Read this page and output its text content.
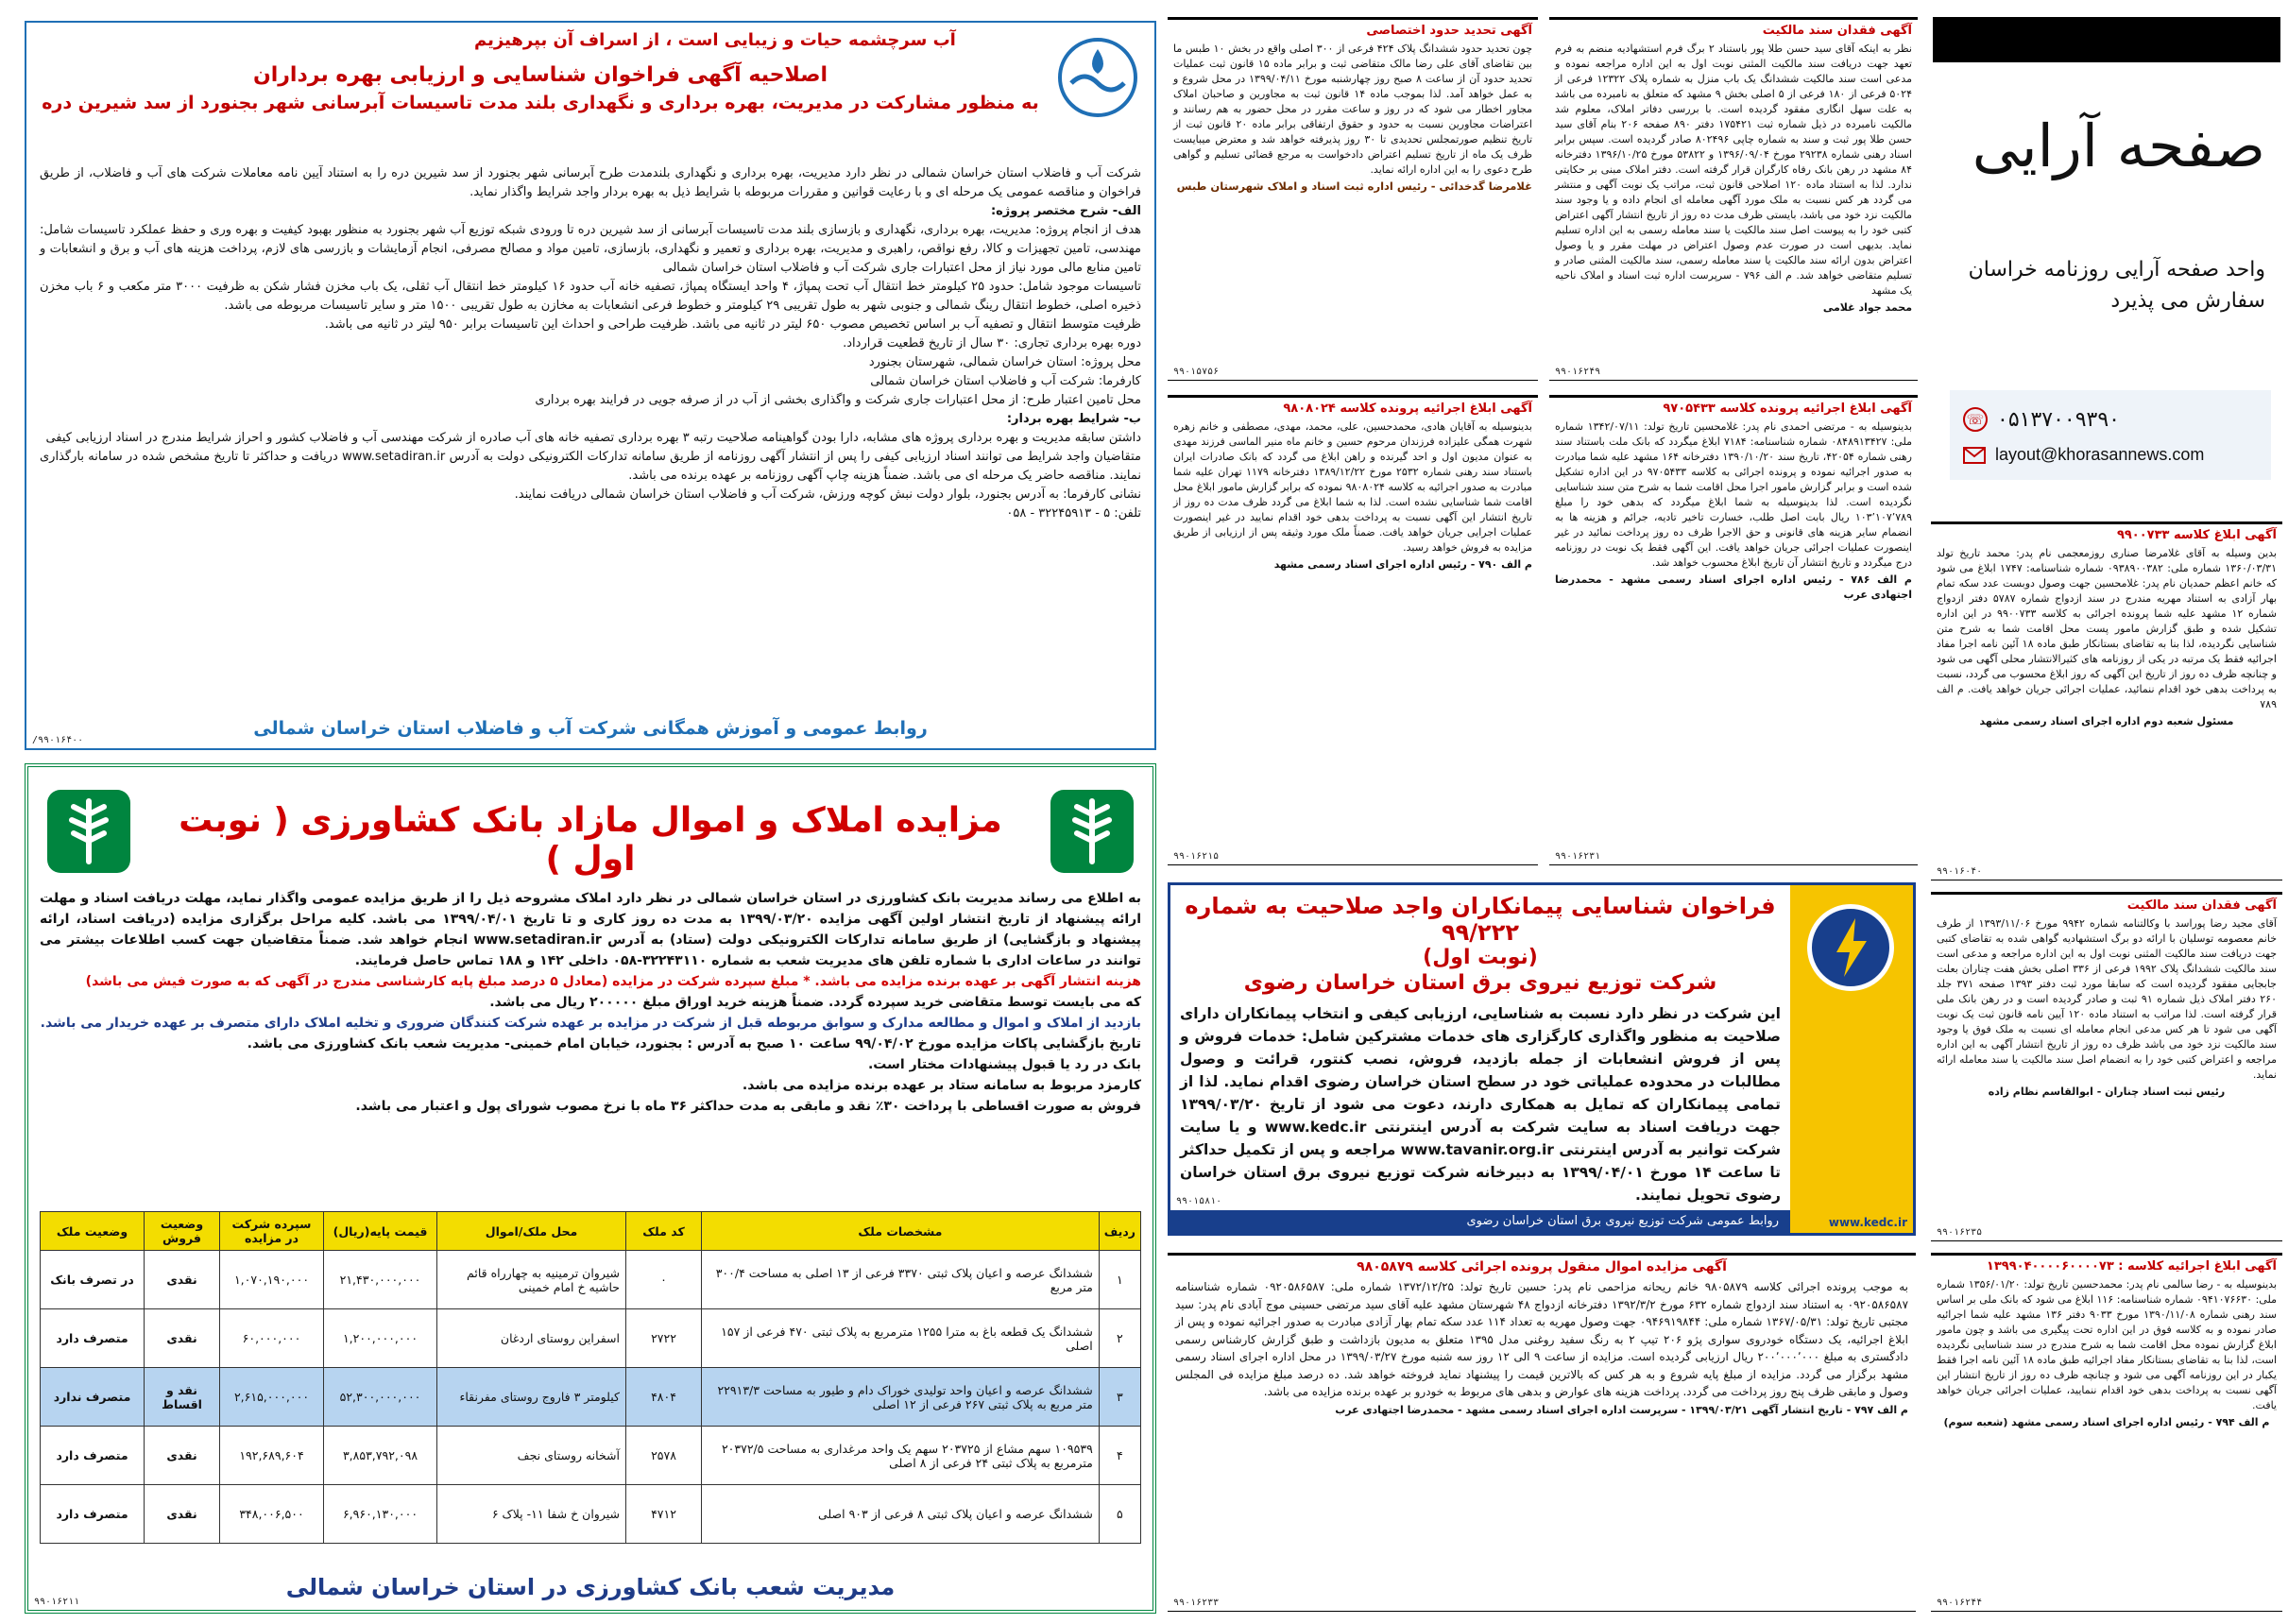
صفحه آرایی
واحد صفحه آرایی روزنامه خراسان
سفارش می پذیرد
☏ ۰۵۱۳۷۰۰۹۳۹۰
layout@khorasannews.com
آگهی ابلاغ کلاسه ۹۹۰۰۷۳۳
بدین وسیله به آقای غلامرضا صناری روزمعجمی نام پدر: محمد تاریخ تولد ۱۳۶۰/۰۳/۳۱ شماره ملی: ۰۹۳۸۹۰۰۳۸۲ شماره شناسنامه: ۱۷۴۷ ابلاغ می شود که خانم اعظم حمدیان نام پدر: غلامحسین جهت وصول دوبست عدد سکه تمام بهار آزادی به استناد مهریه مندرج در سند ازدواج شماره ۵۷۸۷ دفتر ازدواج شماره ۱۲ مشهد علیه شما پرونده اجرائی به کلاسه ۹۹۰۰۷۳۳ در این اداره تشکیل شده و طبق گزارش مامور پست محل اقامت شما به شرح متن شناسایی نگردیده، لذا بنا به تقاضای بستانکار طبق ماده ۱۸ آئین نامه اجرا مفاد اجرائیه فقط یک مرتبه در یکی از روزنامه های کثیرالانتشار محلی آگهی می شود و چنانچه ظرف ده روز از تاریخ این آگهی که روز ابلاغ محسوب می گردد، نسبت به پرداخت بدهی خود اقدام ننمائید، عملیات اجرائی جریان خواهد یافت. م الف ۷۸۹
مسئول شعبه دوم اداره اجرای اسناد رسمی مشهد
۹۹۰۱۶۰۴۰
آگهی فقدان سند مالکیت
آقای مجید رضا پوراسد با وکالتنامه شماره ۹۹۴۲ مورخ ۱۳۹۳/۱۱/۰۶ از طرف خانم معصومه توسلیان با ارائه دو برگ استشهادیه گواهی شده به تقاضای کتبی جهت دریافت سند مالکیت المثنی نوبت اول به این اداره مراجعه و مدعی است سند مالکیت ششدانگ پلاک ۱۹۹۲ فرعی از ۳۳۶ اصلی بخش هفت چناران بعلت جابجایی مفقود گردیده است که سابقا مورد ثبت دفتر ۱۳۹۳ صفحه ۳۷۱ جلد ۲۶۰ دفتر املاک ذیل شماره ۹۱ ثبت و صادر گردیده است و در رهن بانک ملی قرار گرفته است. لذا مراتب به استناد ماده ۱۲۰ آیین نامه قانون ثبت یک نوبت آگهی می شود تا هر کس مدعی انجام معامله ای نسبت به ملک فوق یا وجود سند مالکیت نزد خود می باشد ظرف ده روز از تاریخ انتشار آگهی به این اداره مراجعه و اعتراض کتبی خود را به انضمام اصل سند مالکیت یا سند معامله ارائه نماید.
رئیس ثبت اسناد چناران - ابوالقاسم نظام زاده
۹۹۰۱۶۲۳۵
آگهی ابلاغ اجرائیه کلاسه : ۱۳۹۹۰۴۰۰۰۰۶۰۰۰۰۷۳
بدینوسیله به - رضا سالمی نام پدر: محمدحسین تاریخ تولد: ۱۳۵۶/۰۱/۲۰ شماره ملی: ۰۹۴۱۰۷۶۶۳۰ شماره شناسنامه: ۱۱۶ ابلاغ می شود که بانک ملی بر اساس سند رهنی شماره ۱۳۹۰/۱۱/۰۸ مورخ ۹۰۳۳ دفتر ۱۳۶ مشهد علیه شما اجرائیه صادر نموده و به کلاسه فوق در این اداره تحت پیگیری می باشد و چون مامور ابلاغ گزارش نموده محل اقامت شما به شرح مندرج در سند شناسایی نگردیده است، لذا بنا به تقاضای بستانکار مفاد اجرائیه طبق ماده ۱۸ آئین نامه اجرا فقط یکبار در این روزنامه آگهی می شود و چنانچه ظرف ده روز از تاریخ انتشار این آگهی نسبت به پرداخت بدهی خود اقدام ننمایید، عملیات اجرائی جریان خواهد یافت.
م الف ۷۹۴ - رئیس اداره اجرای اسناد رسمی مشهد (شعبه سوم)
۹۹۰۱۶۲۴۴
آگهی فقدان سند مالکیت
نظر به اینکه آقای سید حسن طلا پور باستناد ۲ برگ فرم استشهادیه منضم به فرم تعهد جهت دریافت سند مالکیت المثنی نوبت اول به این اداره مراجعه نموده و مدعی است سند مالکیت ششدانگ یک باب منزل به شماره پلاک ۱۲۳۲۲ فرعی از ۵۰۲۴ فرعی از ۱۸۰ فرعی از ۵ اصلی بخش ۹ مشهد که متعلق به نامبرده می باشد به علت سهل انگاری مفقود گردیده است. با بررسی دفاتر املاک، معلوم شد مالکیت نامبرده در ذیل شماره ثبت ۱۷۵۴۲۱ دفتر ۸۹۰ صفحه ۲۰۶ بنام آقای سید حسن طلا پور ثبت و سند به شماره چاپی ۸۰۲۴۹۶ صادر گردیده است. سپس برابر اسناد رهنی شماره ۲۹۲۳۸ مورخ ۱۳۹۶/۰۹/۰۴ و ۵۳۸۲۲ مورخ ۱۳۹۶/۱۰/۲۵ دفترخانه ۸۴ مشهد در رهن بانک رفاه کارگران قرار گرفته است. دفتر املاک مبنی بر حکایتی ندارد. لذا به استناد ماده ۱۲۰ اصلاحی قانون ثبت، مراتب یک نوبت آگهی و منتشر می گردد هر کس نسبت به ملک مورد آگهی معامله ای انجام داده و یا وجود سند مالکیت نزد خود می باشد، بایستی ظرف مدت ده روز از تاریخ انتشار آگهی اعتراض کتبی خود را به پیوست اصل سند مالکیت یا سند معامله رسمی به این اداره تسلیم نماید. بدیهی است در صورت عدم وصول اعتراض در مهلت مقرر و یا وصول اعتراض بدون ارائه سند مالکیت یا سند معامله رسمی، سند مالکیت المثنی صادر و تسلیم متقاضی خواهد شد. م الف ۷۹۶ - سرپرست اداره ثبت اسناد و املاک ناحیه یک مشهد
محمد جواد غلامی
۹۹۰۱۶۲۴۹
آگهی ابلاغ اجرائیه پرونده کلاسه ۹۷۰۵۴۳۳
بدینوسیله به - مرتضی احمدی نام پدر: غلامحسین تاریخ تولد: ۱۳۴۲/۰۷/۱۱ شماره ملی: ۰۸۴۸۹۱۳۴۲۷ شماره شناسنامه: ۷۱۸۴ ابلاغ میگردد که بانک ملت باستناد سند رهنی شماره ۴۲۰۵۴، تاریخ سند ۱۳۹۰/۱۰/۲۰ دفترخانه ۱۶۴ مشهد علیه شما مبادرت به صدور اجرائیه نموده و پرونده اجرائی به کلاسه ۹۷۰۵۴۳۳ در این اداره تشکیل شده است و برابر گزارش مامور اجرا محل اقامت شما به شرح متن سند شناسایی نگردیده است. لذا بدینوسیله به شما ابلاغ میگردد که بدهی خود را مبلغ ۱۰۳٬۱۰۷٬۷۸۹ ریال بابت اصل طلب، خسارت تاخیر تادیه، جرائم و هزینه ها به انضمام سایر هزینه های قانونی و حق الاجرا ظرف ده روز پرداخت نمائید در غیر اینصورت عملیات اجرائی جریان خواهد یافت. این آگهی فقط یک نوبت در روزنامه درج میگردد و تاریخ انتشار آن تاریخ ابلاغ محسوب خواهد شد.
م الف ۷۸۶ - رئیس اداره اجرای اسناد رسمی مشهد - محمدرضا اجتهادی عرب
۹۹۰۱۶۲۳۱
آگهی تحدید حدود اختصاصی
چون تحدید حدود ششدانگ پلاک ۴۲۴ فرعی از ۳۰۰ اصلی واقع در بخش ۱۰ طبس ما بین تقاضای آقای علی رضا مالک متقاضی ثبت و برابر ماده ۱۵ قانون ثبت عملیات تحدید حدود آن از ساعت ۸ صبح روز چهارشنبه مورخ ۱۳۹۹/۰۴/۱۱ در محل شروع و به عمل خواهد آمد. لذا بموجب ماده ۱۴ قانون ثبت به مجاورین و صاحبان املاک مجاور اخطار می شود که در روز و ساعت مقرر در محل حضور به هم رسانند و اعتراضات مجاورین نسبت به حدود و حقوق ارتفاقی برابر ماده ۲۰ قانون ثبت از تاریخ تنظیم صورتمجلس تحدیدی تا ۳۰ روز پذیرفته خواهد شد و معترض میبایست ظرف یک ماه از تاریخ تسلیم اعتراض دادخواست به مرجع قضائی تسلیم و گواهی طرح دعوی را به این اداره ارائه نماید.
غلامرضا گدخدائی - رئیس اداره ثبت اسناد و املاک شهرستان طبس
۹۹۰۱۵۷۵۶
آگهی ابلاغ اجرائیه پرونده کلاسه ۹۸۰۸۰۲۴
بدینوسیله به آقایان هادی، محمدحسین، علی، محمد، مهدی، مصطفی و خانم زهره شهرت همگی علیزاده فرزندان مرحوم حسین و خانم ماه منیر الماسی فرزند مهدی به عنوان مدیون اول و احد گیرنده و راهن ابلاغ می گردد که بانک صادرات ایران باستناد سند رهنی شماره ۲۵۳۲ مورخ ۱۳۸۹/۱۲/۲۲ دفترخانه ۱۱۷۹ تهران علیه شما مبادرت به صدور اجرائیه به کلاسه ۹۸۰۸۰۲۴ نموده که برابر گزارش مامور ابلاغ محل اقامت شما شناسایی نشده است. لذا به شما ابلاغ می گردد ظرف مدت ده روز از تاریخ انتشار این آگهی نسبت به پرداخت بدهی خود اقدام نمایید در غیر اینصورت عملیات اجرایی جریان خواهد یافت. ضمناً ملک مورد وثیقه پس از ارزیابی از طریق مزایده به فروش خواهد رسید.
م الف ۷۹۰ - رئیس اداره اجرای اسناد رسمی مشهد
۹۹۰۱۶۲۱۵
فراخوان شناسایی پیمانکاران واجد صلاحیت به شماره ۹۹/۲۲۲
(نوبت اول)
شرکت توزیع نیروی برق استان خراسان رضوی
این شرکت در نظر دارد نسبت به شناسایی، ارزیابی کیفی و انتخاب پیمانکاران دارای صلاحیت به منظور واگذاری کارگزاری های خدمات مشترکین شامل: خدمات فروش و پس از فروش انشعابات از جمله بازدید، فروش، نصب کنتور، قرائت و وصول مطالبات در محدوده عملیاتی خود در سطح استان خراسان رضوی اقدام نماید. لذا از تمامی پیمانکاران که تمایل به همکاری دارند، دعوت می شود از تاریخ ۱۳۹۹/۰۳/۲۰ جهت دریافت اسناد به سایت شرکت به آدرس اینترنتی www.kedc.ir و یا سایت شرکت توانیر به آدرس اینترنتی www.tavanir.org.ir مراجعه و پس از تکمیل حداکثر تا ساعت ۱۴ مورخ ۱۳۹۹/۰۴/۰۱ به دبیرخانه شرکت توزیع نیروی برق استان خراسان رضوی تحویل نمایند.
روابط عمومی شرکت توزیع نیروی برق استان خراسان رضوی	www.kedc.ir
۹۹۰۱۵۸۱۰
آگهی مزایده اموال منقول پرونده اجرائی کلاسه ۹۸۰۵۸۷۹
به موجب پرونده اجرائی کلاسه ۹۸۰۵۸۷۹ خانم ریحانه مزاحمی نام پدر: حسین تاریخ تولد: ۱۳۷۲/۱۲/۲۵ شماره ملی: ۰۹۲۰۵۸۶۵۸۷ شماره شناسنامه ۰۹۲۰۵۸۶۵۸۷ به استناد سند ازدواج شماره ۶۳۲ مورخ ۱۳۹۲/۳/۲ دفترخانه ازدواج ۴۸ شهرستان مشهد علیه آقای سید مرتضی حسینی موج آبادی نام پدر: سید مجتبی تاریخ تولد: ۱۳۶۷/۰۵/۳۱ شماره ملی: ۰۹۴۶۹۱۹۸۴۴ جهت وصول مهریه به تعداد ۱۱۴ عدد سکه تمام بهار آزادی مبادرت به صدور اجرائیه نموده و پس از ابلاغ اجرائیه، یک دستگاه خودروی سواری پژو ۲۰۶ تیپ ۲ به رنگ سفید روغنی مدل ۱۳۹۵ متعلق به مدیون بازداشت و طبق گزارش کارشناس رسمی دادگستری به مبلغ ۲۰۰٬۰۰۰٬۰۰۰ ریال ارزیابی گردیده است. مزایده از ساعت ۹ الی ۱۲ روز سه شنبه مورخ ۱۳۹۹/۰۳/۲۷ در محل اداره اجرای اسناد رسمی مشهد برگزار می گردد. مزایده از مبلغ پایه شروع و به هر کس که بالاترین قیمت را پیشنهاد نماید فروخته خواهد شد. ده درصد مبلغ مزایده فی المجلس وصول و مابقی ظرف پنج روز پرداخت می گردد. پرداخت هزینه های عوارض و بدهی های مربوط به خودرو بر عهده برنده مزایده می باشد.
م الف ۷۹۷ - تاریخ انتشار آگهی ۱۳۹۹/۰۳/۲۱ - سرپرست اداره اجرای اسناد رسمی مشهد - محمدرضا اجتهادی عرب
۹۹۰۱۶۲۳۳
آب سرچشمه حیات و زیبایی است ، از اسراف آن بپرهیزیم
اصلاحیه آگهی فراخوان شناسایی و ارزیابی بهره برداران
به منظور مشارکت در مدیریت، بهره برداری و نگهداری بلند مدت تاسیسات آبرسانی شهر بجنورد از سد شیرین دره
شرکت آب و فاضلاب استان خراسان شمالی در نظر دارد مدیریت، بهره برداری و نگهداری بلندمدت طرح آبرسانی شهر بجنورد از سد شیرین دره را به استناد آیین نامه معاملات شرکت های آب و فاضلاب، از طریق فراخوان و مناقصه عمومی یک مرحله ای و با رعایت قوانین و مقررات مربوطه با شرایط ذیل به بهره بردار واجد شرایط واگذار نماید.
الف- شرح مختصر پروژه:
هدف از انجام پروژه: مدیریت، بهره برداری، نگهداری و بازسازی بلند مدت تاسیسات آبرسانی از سد شیرین دره تا ورودی شبکه توزیع آب شهر بجنورد به منظور بهبود کیفیت و بهره وری و حفظ عملکرد تاسیسات شامل: مهندسی، تامین تجهیزات و کالا، رفع نواقص، راهبری و مدیریت، بهره برداری و تعمیر و نگهداری، بازسازی، تامین مواد و مصالح مصرفی، انجام آزمایشات و بازرسی های لازم، پرداخت هزینه های آب و برق و انشعابات و تامین منابع مالی مورد نیاز از محل اعتبارات جاری شرکت آب و فاضلاب استان خراسان شمالی
تاسیسات موجود شامل: حدود ۲۵ کیلومتر خط انتقال آب تحت پمپاژ، ۴ واحد ایستگاه پمپاژ، تصفیه خانه آب حدود ۱۶ کیلومتر خط انتقال آب ثقلی، یک باب مخزن فشار شکن به ظرفیت ۳۰۰۰ متر مکعب و ۶ باب مخزن ذخیره اصلی، خطوط انتقال رینگ شمالی و جنوبی شهر به طول تقریبی ۲۹ کیلومتر و خطوط فرعی انشعابات به مخازن به طول تقریبی ۱۵۰۰ متر و سایر تاسیسات مربوطه می باشد.
ظرفیت متوسط انتقال و تصفیه آب بر اساس تخصیص مصوب ۶۵۰ لیتر در ثانیه می باشد. ظرفیت طراحی و احداث این تاسیسات برابر ۹۵۰ لیتر در ثانیه می باشد.
دوره بهره برداری تجاری: ۳۰ سال از تاریخ قطعیت قرارداد.
محل پروژه: استان خراسان شمالی، شهرستان بجنورد
کارفرما: شرکت آب و فاضلاب استان خراسان شمالی
محل تامین اعتبار طرح: از محل اعتبارات جاری شرکت و واگذاری بخشی از آب در از صرفه جویی در فرایند بهره برداری
ب- شرایط بهره بردار:
داشتن سابقه مدیریت و بهره برداری پروژه های مشابه، دارا بودن گواهینامه صلاحیت رتبه ۳ بهره برداری تصفیه خانه های آب صادره از شرکت مهندسی آب و فاضلاب کشور و احراز شرایط مندرج در اسناد ارزیابی کیفی
متقاضیان واجد شرایط می توانند اسناد ارزیابی کیفی را پس از انتشار آگهی روزنامه از طریق سامانه تدارکات الکترونیکی دولت به آدرس www.setadiran.ir دریافت و حداکثر تا تاریخ مشخص شده در سامانه بارگذاری نمایند. مناقصه حاضر یک مرحله ای می باشد. ضمناً هزینه چاپ آگهی روزنامه بر عهده برنده می باشد.
نشانی کارفرما: به آدرس بجنورد، بلوار دولت نبش کوچه ورزش، شرکت آب و فاضلاب استان خراسان شمالی دریافت نمایند.
تلفن: ۵ - ۳۲۲۴۵۹۱۳ - ۰۵۸
روابط عمومی و آموزش همگانی شرکت آب و فاضلاب استان خراسان شمالی
/۹۹۰۱۶۴۰۰
مزایده املاک و اموال مازاد بانک کشاورزی ( نوبت اول )
به اطلاع می رساند مدیریت بانک کشاورزی در استان خراسان شمالی در نظر دارد املاک مشروحه ذیل را از طریق مزایده عمومی واگذار نماید، مهلت دریافت اسناد و مهلت ارائه پیشنهاد از تاریخ انتشار اولین آگهی مزایده ۱۳۹۹/۰۳/۲۰ به مدت ده روز کاری و تا تاریخ ۱۳۹۹/۰۴/۰۱ می باشد. کلیه مراحل برگزاری مزایده (دریافت اسناد، ارائه پیشنهاد و بازگشایی) از طریق سامانه تدارکات الکترونیکی دولت (ستاد) به آدرس www.setadiran.ir انجام خواهد شد. ضمناً متقاضیان جهت کسب اطلاعات بیشتر می توانند در ساعات اداری با شماره تلفن های مدیریت شعب به شماره ۳۲۲۴۳۱۱۰-۰۵۸ داخلی ۱۴۲ و ۱۸۸ تماس حاصل فرمایند.
هزینه انتشار آگهی بر عهده برنده مزایده می باشد. * مبلغ سپرده شرکت در مزایده (معادل ۵ درصد مبلغ پایه کارشناسی مندرج در آگهی که به صورت فیش می باشد)
که می بایست توسط متقاضی خرید سپرده گردد. ضمناً هزینه خرید اوراق مبلغ ۲۰۰۰۰۰ ریال می باشد.
بازدید از املاک و اموال و مطالعه مدارک و سوابق مربوطه قبل از شرکت در مزایده بر عهده شرکت کنندگان ضروری و تخلیه املاک دارای متصرف بر عهده خریدار می باشد.
تاریخ بازگشایی پاکات مزایده مورخ ۹۹/۰۴/۰۲ ساعت ۱۰ صبح به آدرس : بجنورد، خیابان امام خمینی- مدیریت شعب بانک کشاورزی می باشد.
بانک در رد یا قبول پیشنهادات مختار است.
کارمزد مربوط به سامانه ستاد بر عهده برنده مزایده می باشد.
فروش به صورت اقساطی با پرداخت ۳۰٪ نقد و مابقی به مدت حداکثر ۳۶ ماه با نرخ مصوب شورای پول و اعتبار می باشد.
ردیف	مشخصات ملک	کد ملک	محل ملک/اموال	قیمت پایه(ریال)	سپرده شرکت در مزایده	وضعیت فروش	وضعیت ملک
۱	ششدانگ عرصه و اعیان پلاک ثبتی ۳۳۷۰ فرعی از ۱۳ اصلی به مساحت ۳۰۰/۴ متر مربع	۰	شیروان ترمینیه به چهارراه قائم حاشیه خ امام خمینی	۲۱,۴۳۰,۰۰۰,۰۰۰	۱,۰۷۰,۱۹۰,۰۰۰	نقدی	در تصرف بانک
۲	ششدانگ یک قطعه باغ به مترا ۱۲۵۵ مترمربع به پلاک ثبتی ۴۷۰ فرعی از ۱۵۷ اصلی	۲۷۲۲	اسفراین روستای اردغان	۱,۲۰۰,۰۰۰,۰۰۰	۶۰,۰۰۰,۰۰۰	نقدی	متصرف دارد
۳	ششدانگ عرصه و اعیان واحد تولیدی خوراک دام و طیور به مساحت ۲۲۹۱۳/۳ متر مربع به پلاک ثبتی ۲۶۷ فرعی از ۱۲ اصلی	۴۸۰۴	کیلومتر ۳ فاروج روستای مفرنقاء	۵۲,۳۰۰,۰۰۰,۰۰۰	۲,۶۱۵,۰۰۰,۰۰۰	نقد و اقساط	متصرف ندارد
۴	۱۰۹۵۳۹ سهم مشاع از ۲۰۳۷۲۵ سهم یک واحد مرغداری به مساحت ۲۰۳۷۲/۵ مترمربع به پلاک ثبتی ۲۴ فرعی از ۸ اصلی	۲۵۷۸	آشخانه روستای نجف	۳,۸۵۳,۷۹۲,۰۹۸	۱۹۲,۶۸۹,۶۰۴	نقدی	متصرف دارد
۵	ششدانگ عرصه و اعیان پلاک ثبتی ۸ فرعی از ۹۰۳ اصلی	۴۷۱۲	شیروان خ شفا ۱۱- پلاک ۶	۶,۹۶۰,۱۳۰,۰۰۰	۳۴۸,۰۰۶,۵۰۰	نقدی	متصرف دارد
مدیریت شعب بانک کشاورزی در استان خراسان شمالی
۹۹۰۱۶۲۱۱
